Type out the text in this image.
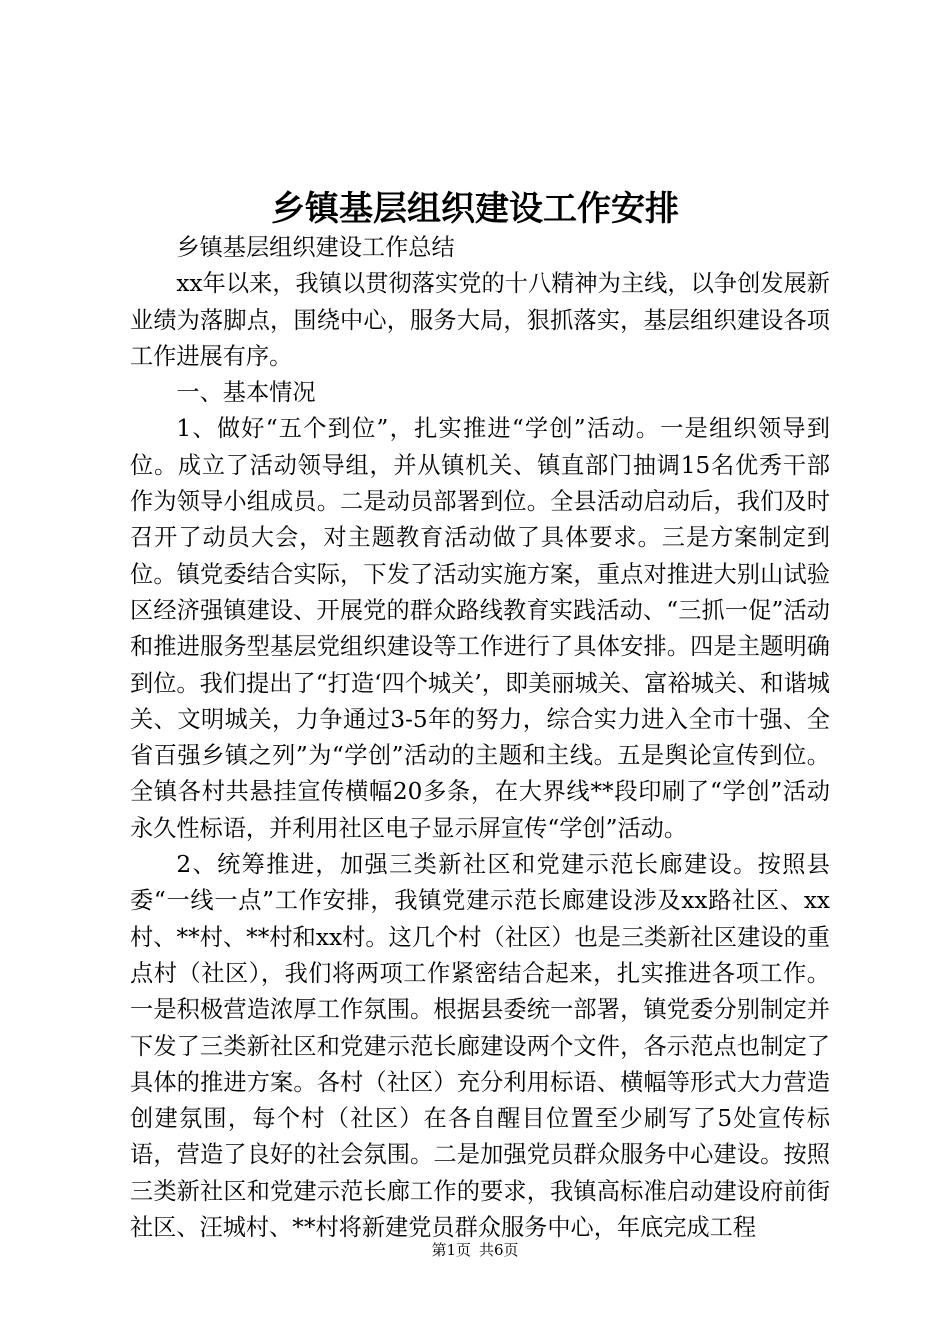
乡镇基层组织建设工作安排

乡镇基层组织建设工作总结

xx年以来，我镇以贯彻落实党的十八精神为主线，以争创发展新业绩为落脚点，围绕中心，服务大局，狠抓落实，基层组织建设各项工作进展有序。

一、基本情况

1、做好“五个到位”，扎实推进“学创”活动。一是组织领导到位。成立了活动领导组，并从镇机关、镇直部门抽调15名优秀干部作为领导小组成员。二是动员部署到位。全县活动启动后，我们及时召开了动员大会，对主题教育活动做了具体要求。三是方案制定到位。镇党委结合实际，下发了活动实施方案，重点对推进大别山试验区经济强镇建设、开展党的群众路线教育实践活动、“三抓一促”活动和推进服务型基层党组织建设等工作进行了具体安排。四是主题明确到位。我们提出了“打造‘四个城关’，即美丽城关、富裕城关、和谐城关、文明城关，力争通过3-5年的努力，综合实力进入全市十强、全省百强乡镇之列”为“学创”活动的主题和主线。五是舆论宣传到位。全镇各村共悬挂宣传横幅20多条，在大界线**段印刷了“学创”活动永久性标语，并利用社区电子显示屏宣传“学创”活动。

2、统筹推进，加强三类新社区和党建示范长廊建设。按照县委“一线一点”工作安排，我镇党建示范长廊建设涉及xx路社区、xx村、**村、**村和xx村。这几个村（社区）也是三类新社区建设的重点村（社区），我们将两项工作紧密结合起来，扎实推进各项工作。一是积极营造浓厚工作氛围。根据县委统一部署，镇党委分别制定并下发了三类新社区和党建示范长廊建设两个文件，各示范点也制定了具体的推进方案。各村（社区）充分利用标语、横幅等形式大力营造创建氛围，每个村（社区）在各自醒目位置至少刷写了5处宣传标语，营造了良好的社会氛围。二是加强党员群众服务中心建设。按照三类新社区和党建示范长廊工作的要求，我镇高标准启动建设府前街社区、汪城村、**村将新建党员群众服务中心，年底完成工程

第1页 共6页
